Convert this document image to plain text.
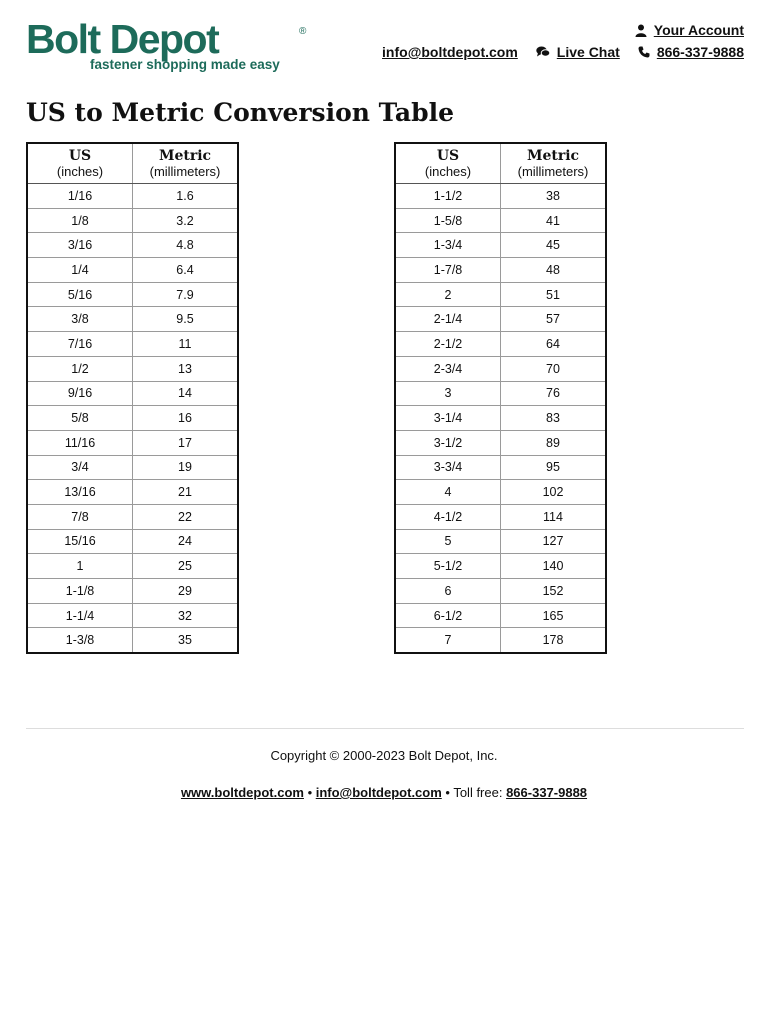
Bolt Depot	®
fastener shopping made easy
Your Account
info@boltdepot.com	Live Chat	866-337-9888
US to Metric Conversion Table
US
(inches)	Metric
(millimeters)

1/16	1.6
1/8	3.2
3/16	4.8
1/4	6.4
5/16	7.9
3/8	9.5
7/16	11
1/2	13
9/16	14
5/8	16
11/16	17
3/4	19
13/16	21
7/8	22
15/16	24
1	25
1-1/8	29
1-1/4	32
1-3/8	35
US
(inches)	Metric
(millimeters)

1-1/2	38
1-5/8	41
1-3/4	45
1-7/8	48
2	51
2-1/4	57
2-1/2	64
2-3/4	70
3	76
3-1/4	83
3-1/2	89
3-3/4	95
4	102
4-1/2	114
5	127
5-1/2	140
6	152
6-1/2	165
7	178
Copyright © 2000-2023 Bolt Depot, Inc.
www.boltdepot.com • info@boltdepot.com • Toll free: 866-337-9888
